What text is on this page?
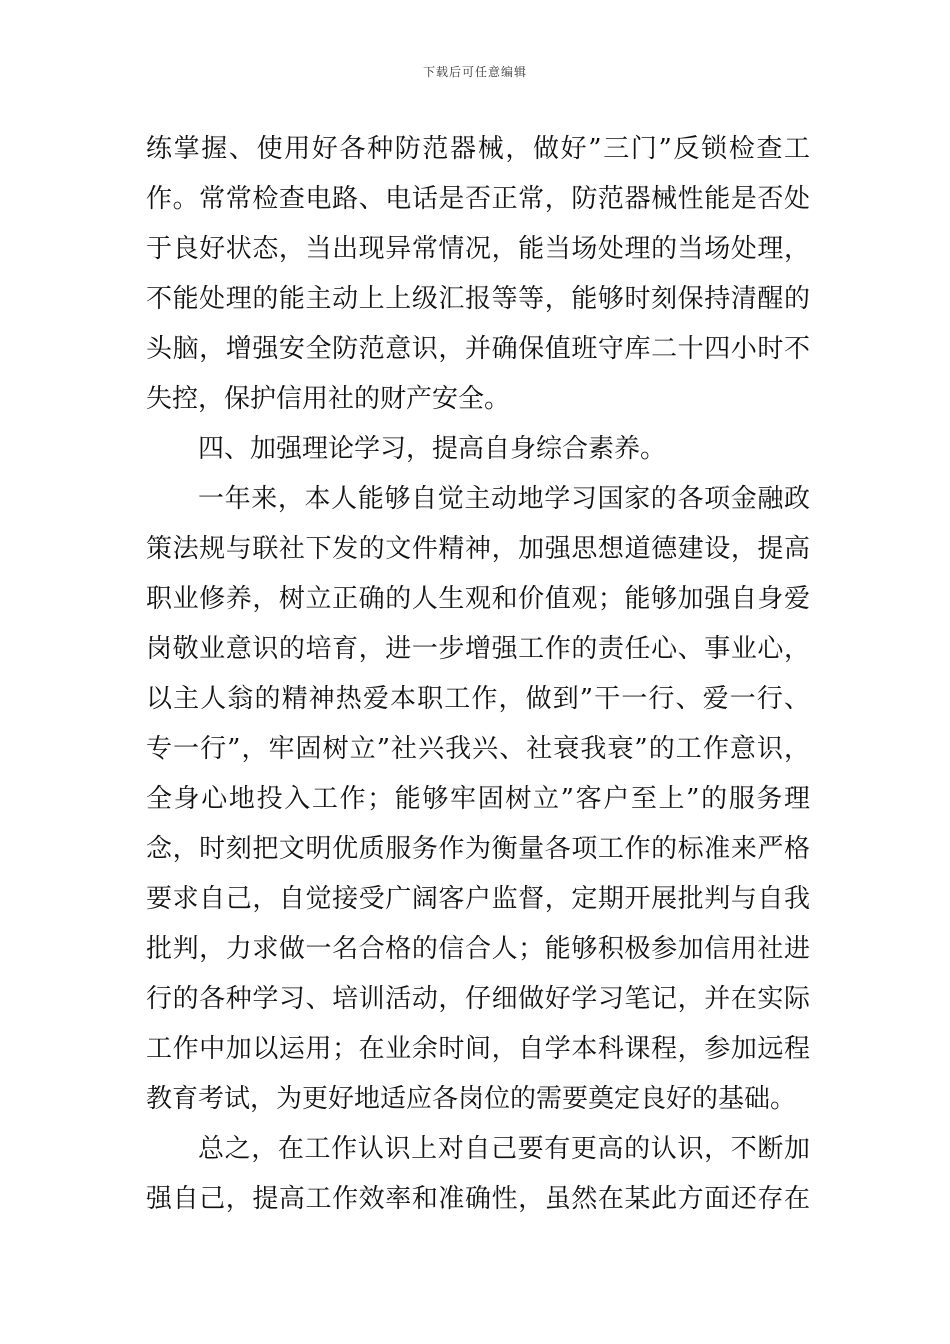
下载后可任意编辑
练掌握、使用好各种防范器械，做好”三门”反锁检查工
作。常常检查电路、电话是否正常，防范器械性能是否处
于良好状态，当出现异常情况，能当场处理的当场处理，
不能处理的能主动上上级汇报等等，能够时刻保持清醒的
头脑，增强安全防范意识，并确保值班守库二十四小时不
失控，保护信用社的财产安全。
四、加强理论学习，提高自身综合素养。
一年来，本人能够自觉主动地学习国家的各项金融政
策法规与联社下发的文件精神，加强思想道德建设，提高
职业修养，树立正确的人生观和价值观；能够加强自身爱
岗敬业意识的培育，进一步增强工作的责任心、事业心，
以主人翁的精神热爱本职工作，做到”干一行、爱一行、
专一行”，牢固树立”社兴我兴、社衰我衰”的工作意识，
全身心地投入工作；能够牢固树立”客户至上”的服务理
念，时刻把文明优质服务作为衡量各项工作的标准来严格
要求自己，自觉接受广阔客户监督，定期开展批判与自我
批判，力求做一名合格的信合人；能够积极参加信用社进
行的各种学习、培训活动，仔细做好学习笔记，并在实际
工作中加以运用；在业余时间，自学本科课程，参加远程
教育考试，为更好地适应各岗位的需要奠定良好的基础。
总之，在工作认识上对自己要有更高的认识，不断加
强自己，提高工作效率和准确性，虽然在某此方面还存在
